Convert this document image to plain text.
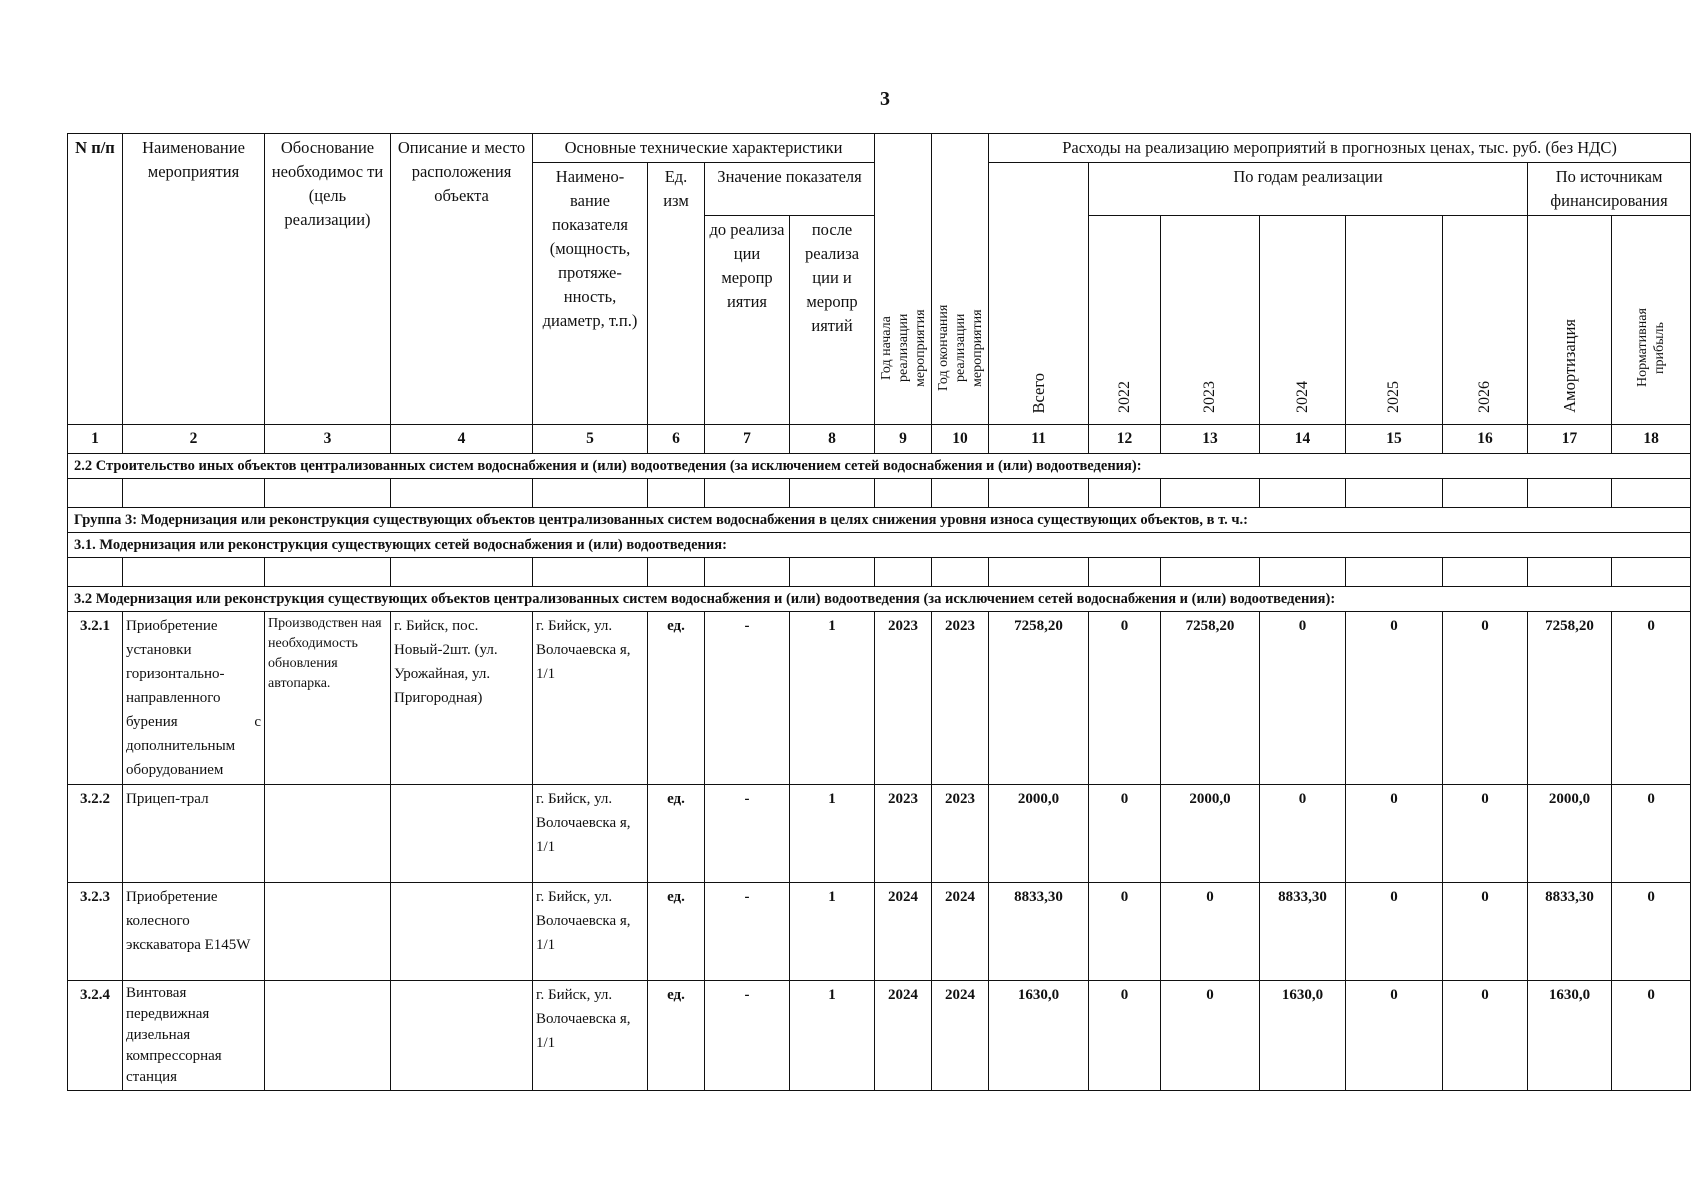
3
N п/п	Наименование мероприятия	Обоснование необходимос ти (цель реализации)	Описание и место расположения объекта	Основные технические характеристики				Год начала реализации мероприятия	Год окончания реализации мероприятия	Расходы на реализацию мероприятий в прогнозных ценах, тыс. руб. (без НДС)							
				Наимено- вание показателя (мощность, протяже- нность, диаметр, т.п.)	Ед. изм	Значение показателя				Всего	По годам реализации					По источникам финансирования	
						до реализа ции меропр иятия	после реализа ции и меропр иятий				2022	2023	2024	2025	2026	Амортизация	Нормативная прибыль
1	2	3	4	5	6	7	8	9	10	11	12	13	14	15	16	17	18
2.2 Строительство иных объектов централизованных систем водоснабжения и (или) водоотведения (за исключением сетей водоснабжения и (или) водоотведения):																	

Группа 3: Модернизация или реконструкция существующих объектов централизованных систем водоснабжения в целях снижения уровня износа существующих объектов, в т. ч.:																	
3.1. Модернизация или реконструкция существующих сетей водоснабжения и (или) водоотведения:																	

3.2 Модернизация или реконструкция существующих объектов централизованных систем водоснабжения и (или) водоотведения (за исключением сетей водоснабжения и (или) водоотведения):																	
3.2.1	Приобретение установки горизонтально- направленного бурения с дополнительным оборудованием	Производствен ная необходимость обновления автопарка.	г. Бийск, пос. Новый-2шт. (ул. Урожайная, ул. Пригородная)	г. Бийск, ул. Волочаевска я, 1/1	ед.	-	1	2023	2023	7258,20	0	7258,20	0	0	0	7258,20	0
3.2.2	Прицеп-трал			г. Бийск, ул. Волочаевска я, 1/1	ед.	-	1	2023	2023	2000,0	0	2000,0	0	0	0	2000,0	0
3.2.3	Приобретение колесного экскаватора E145W			г. Бийск, ул. Волочаевска я, 1/1	ед.	-	1	2024	2024	8833,30	0	0	8833,30	0	0	8833,30	0
3.2.4	Винтовая передвижная дизельная компрессорная станция			г. Бийск, ул. Волочаевска я, 1/1	ед.	-	1	2024	2024	1630,0	0	0	1630,0	0	0	1630,0	0
